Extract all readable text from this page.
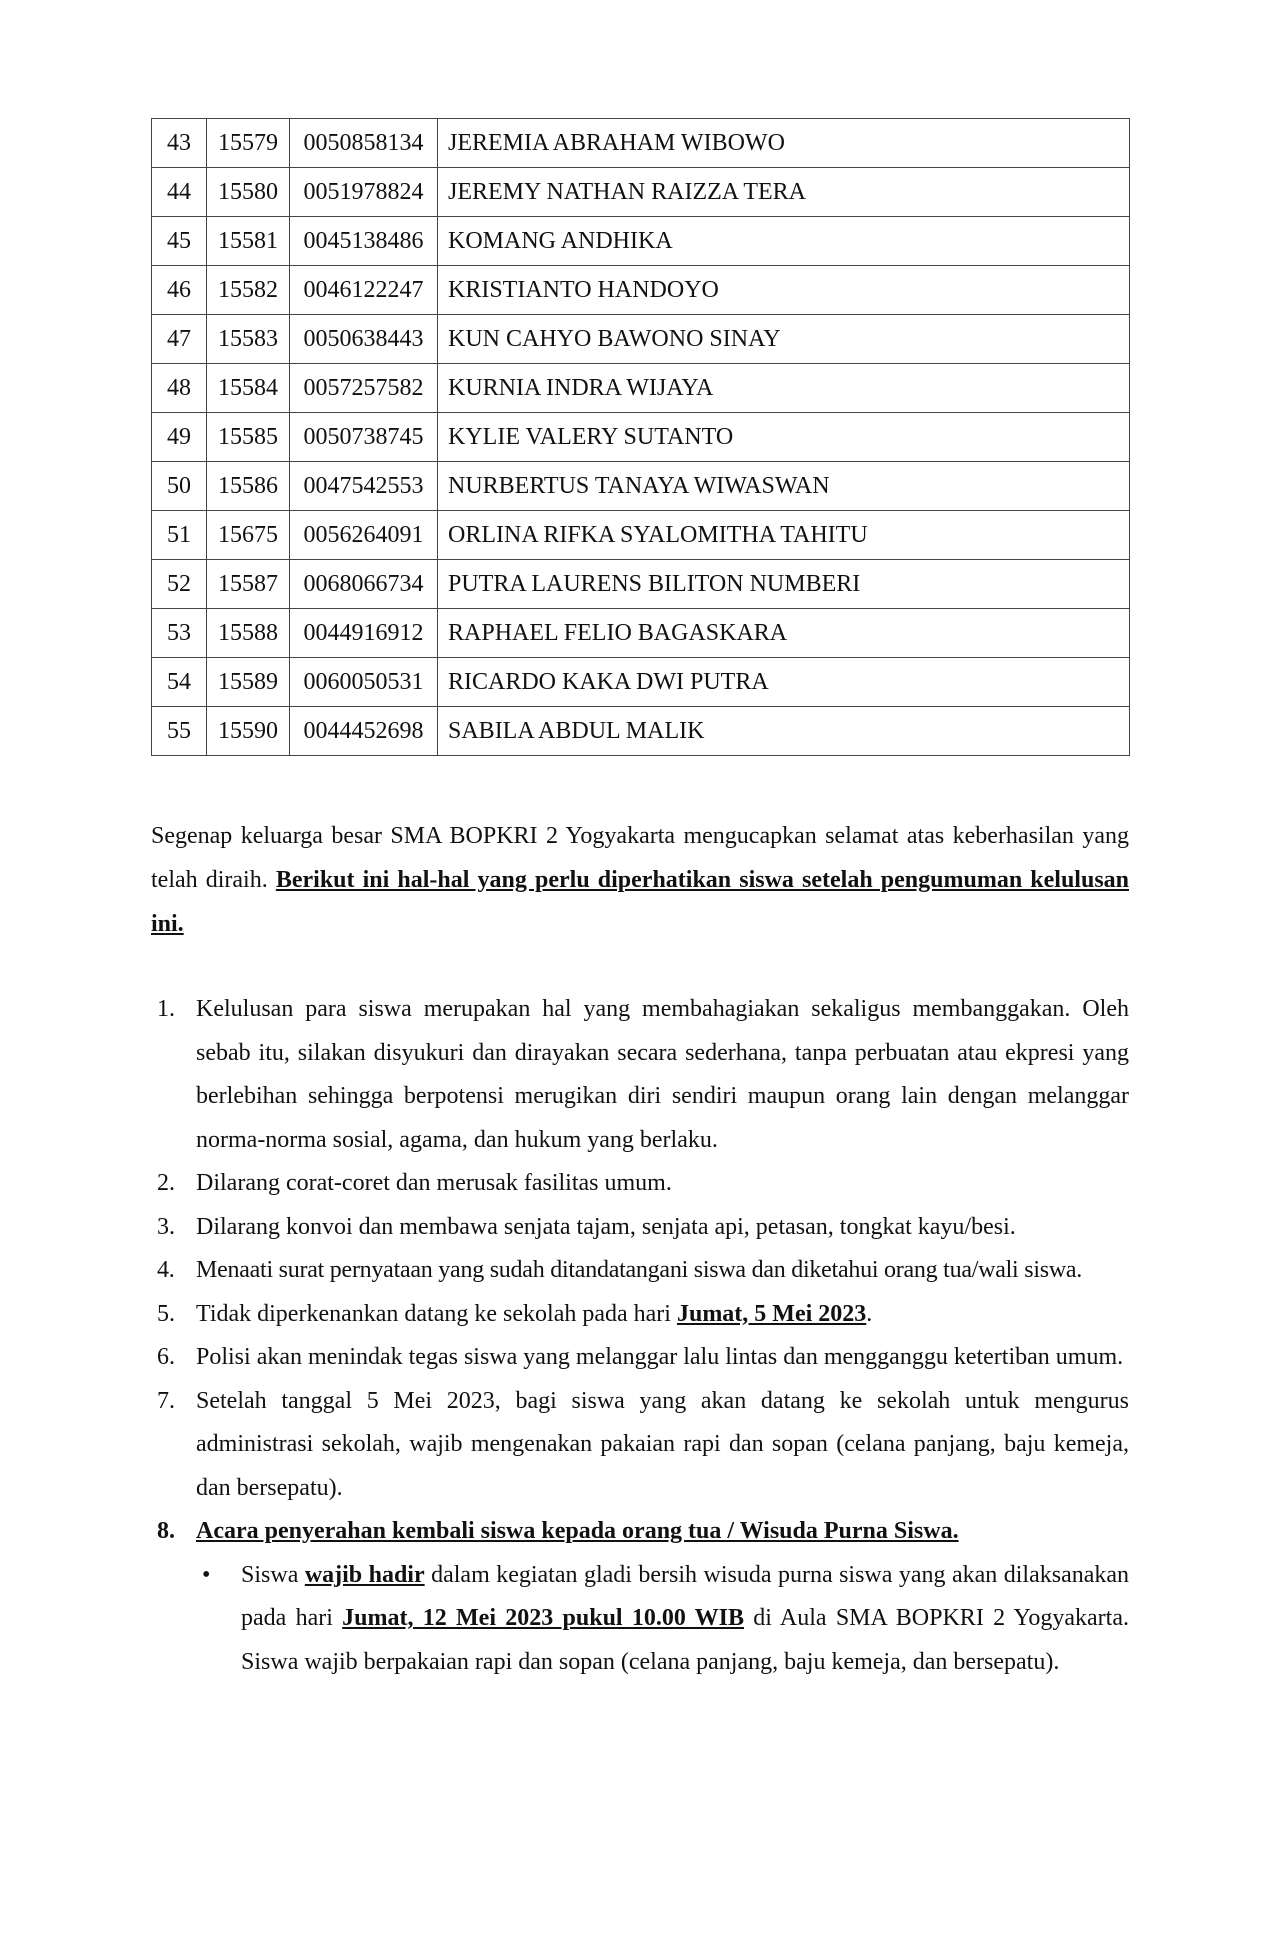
43	15579	0050858134	JEREMIA ABRAHAM WIBOWO
44	15580	0051978824	JEREMY NATHAN RAIZZA TERA
45	15581	0045138486	KOMANG ANDHIKA
46	15582	0046122247	KRISTIANTO HANDOYO
47	15583	0050638443	KUN CAHYO BAWONO SINAY
48	15584	0057257582	KURNIA INDRA WIJAYA
49	15585	0050738745	KYLIE VALERY SUTANTO
50	15586	0047542553	NURBERTUS TANAYA WIWASWAN
51	15675	0056264091	ORLINA RIFKA SYALOMITHA TAHITU
52	15587	0068066734	PUTRA LAURENS BILITON NUMBERI
53	15588	0044916912	RAPHAEL FELIO BAGASKARA
54	15589	0060050531	RICARDO KAKA DWI PUTRA
55	15590	0044452698	SABILA ABDUL MALIK

Segenap keluarga besar SMA BOPKRI 2 Yogyakarta mengucapkan selamat atas keberhasilan yang telah diraih. Berikut ini hal-hal yang perlu diperhatikan siswa setelah pengumuman kelulusan ini.

1. Kelulusan para siswa merupakan hal yang membahagiakan sekaligus membanggakan. Oleh sebab itu, silakan disyukuri dan dirayakan secara sederhana, tanpa perbuatan atau ekpresi yang berlebihan sehingga berpotensi merugikan diri sendiri maupun orang lain dengan melanggar norma-norma sosial, agama, dan hukum yang berlaku.
2. Dilarang corat-coret dan merusak fasilitas umum.
3. Dilarang konvoi dan membawa senjata tajam, senjata api, petasan, tongkat kayu/besi.
4. Menaati surat pernyataan yang sudah ditandatangani siswa dan diketahui orang tua/wali siswa.
5. Tidak diperkenankan datang ke sekolah pada hari Jumat, 5 Mei 2023.
6. Polisi akan menindak tegas siswa yang melanggar lalu lintas dan mengganggu ketertiban umum.
7. Setelah tanggal 5 Mei 2023, bagi siswa yang akan datang ke sekolah untuk mengurus administrasi sekolah, wajib mengenakan pakaian rapi dan sopan (celana panjang, baju kemeja, dan bersepatu).
8. Acara penyerahan kembali siswa kepada orang tua / Wisuda Purna Siswa.
• Siswa wajib hadir dalam kegiatan gladi bersih wisuda purna siswa yang akan dilaksanakan pada hari Jumat, 12 Mei 2023 pukul 10.00 WIB di Aula SMA BOPKRI 2 Yogyakarta. Siswa wajib berpakaian rapi dan sopan (celana panjang, baju kemeja, dan bersepatu).
